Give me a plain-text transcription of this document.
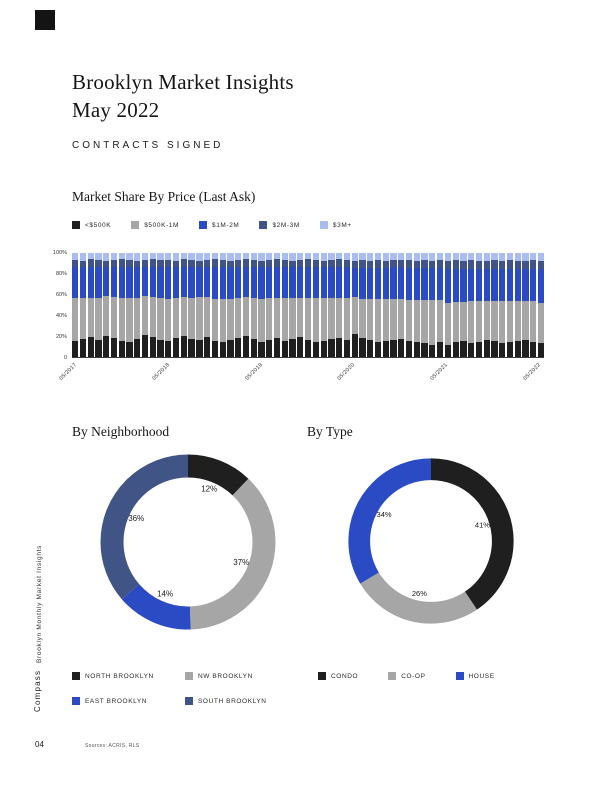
Brooklyn Market Insights
May 2022
CONTRACTS SIGNED
Market Share By Price (Last Ask)
<$500K	$500K-1M	$1M-2M	$2M-3M	$3M+
100%
80%
60%
40%
20%
0
05/2017	05/2018	05/2019	05/2020	05/2021	05/2022
By Neighborhood	By Type
12%
37%
14%
36%
41%
26%
34%
NORTH BROOKLYN	NW BROOKLYN
EAST BROOKLYN	SOUTH BROOKLYN
CONDO	CO-OP	HOUSE
Brooklyn Monthly Market Insights
Compass
04	Sources: ACRIS, RLS
